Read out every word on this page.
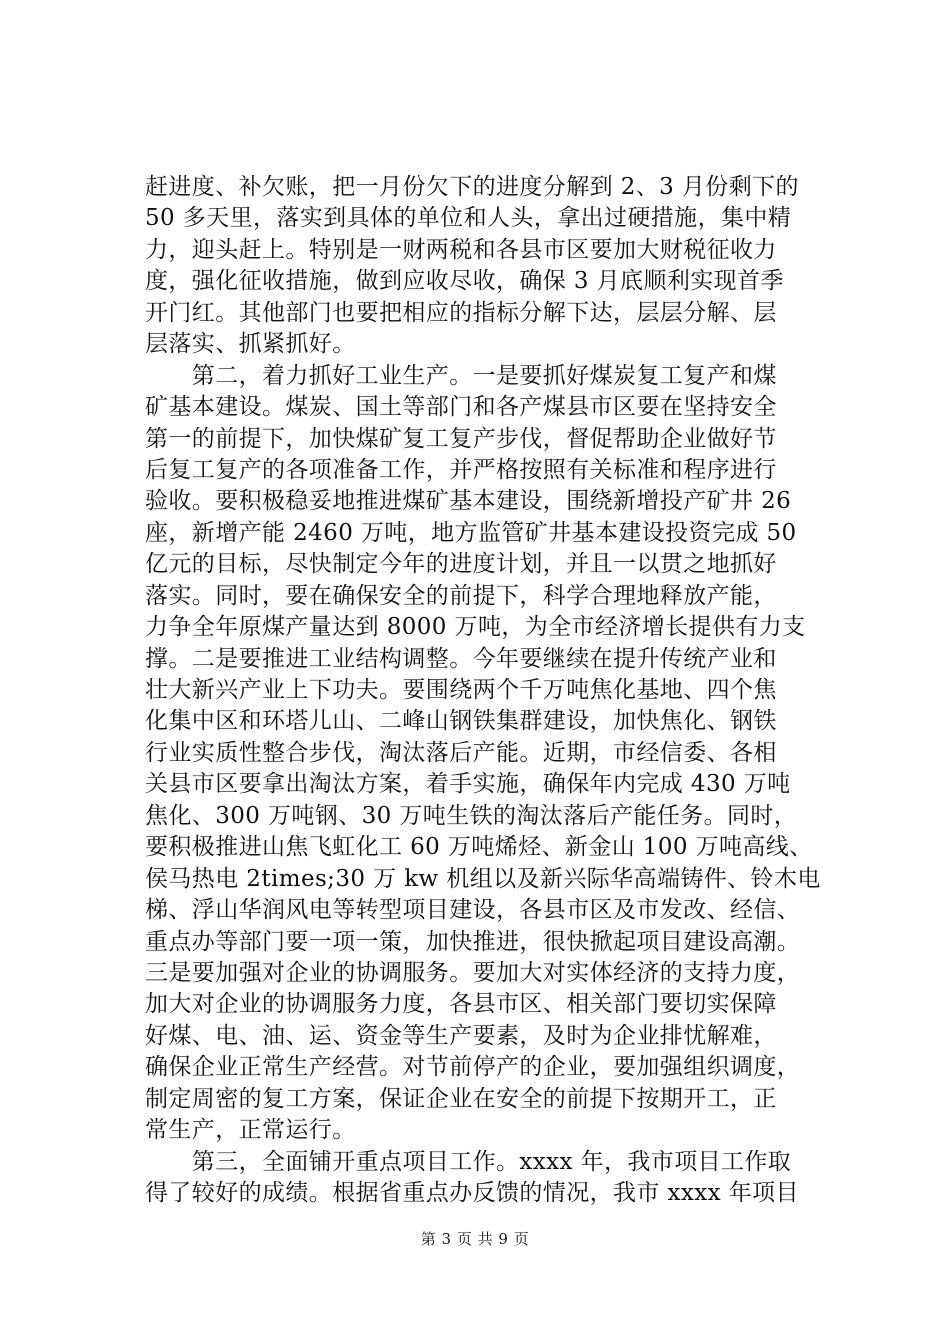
赶进度、补欠账，把一月份欠下的进度分解到 2、3 月份剩下的
50 多天里，落实到具体的单位和人头，拿出过硬措施，集中精
力，迎头赶上。特别是一财两税和各县市区要加大财税征收力
度，强化征收措施，做到应收尽收，确保 3 月底顺利实现首季
开门红。其他部门也要把相应的指标分解下达，层层分解、层
层落实、抓紧抓好。
　　第二，着力抓好工业生产。一是要抓好煤炭复工复产和煤
矿基本建设。煤炭、国土等部门和各产煤县市区要在坚持安全
第一的前提下，加快煤矿复工复产步伐，督促帮助企业做好节
后复工复产的各项准备工作，并严格按照有关标准和程序进行
验收。要积极稳妥地推进煤矿基本建设，围绕新增投产矿井 26
座，新增产能 2460 万吨，地方监管矿井基本建设投资完成 50
亿元的目标，尽快制定今年的进度计划，并且一以贯之地抓好
落实。同时，要在确保安全的前提下，科学合理地释放产能，
力争全年原煤产量达到 8000 万吨，为全市经济增长提供有力支
撑。二是要推进工业结构调整。今年要继续在提升传统产业和
壮大新兴产业上下功夫。要围绕两个千万吨焦化基地、四个焦
化集中区和环塔儿山、二峰山钢铁集群建设，加快焦化、钢铁
行业实质性整合步伐，淘汰落后产能。近期，市经信委、各相
关县市区要拿出淘汰方案，着手实施，确保年内完成 430 万吨
焦化、300 万吨钢、30 万吨生铁的淘汰落后产能任务。同时，
要积极推进山焦飞虹化工 60 万吨烯烃、新金山 100 万吨高线、
侯马热电 2times;30 万 kw 机组以及新兴际华高端铸件、铃木电
梯、浮山华润风电等转型项目建设，各县市区及市发改、经信、
重点办等部门要一项一策，加快推进，很快掀起项目建设高潮。
三是要加强对企业的协调服务。要加大对实体经济的支持力度，
加大对企业的协调服务力度，各县市区、相关部门要切实保障
好煤、电、油、运、资金等生产要素，及时为企业排忧解难，
确保企业正常生产经营。对节前停产的企业，要加强组织调度，
制定周密的复工方案，保证企业在安全的前提下按期开工，正
常生产，正常运行。
　　第三，全面铺开重点项目工作。xxxx 年，我市项目工作取
得了较好的成绩。根据省重点办反馈的情况，我市 xxxx 年项目
第 3 页 共 9 页
